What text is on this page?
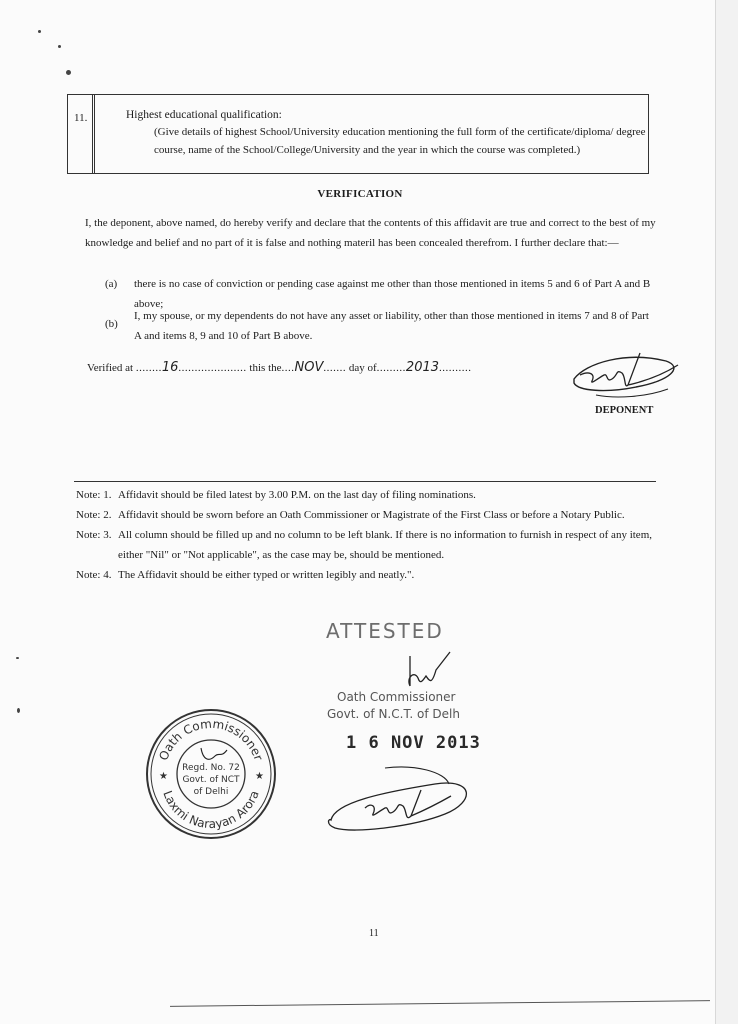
11.	Highest educational qualification:
(Give details of highest School/University education mentioning the full form of the certificate/diploma/ degree course, name of the School/College/University and the year in which the course was completed.)
VERIFICATION
I, the deponent, above named, do hereby verify and declare that the contents of this affidavit are true and correct to the best of my knowledge and belief and no part of it is false and nothing materil has been concealed therefrom. I further declare that:—
(a) there is no case of conviction or pending case against me other than those mentioned in items 5 and 6 of Part A and B above;
(b)
I, my spouse, or my dependents do not have any asset or liability, other than those mentioned in items 7 and 8 of Part A and items 8, 9 and 10 of Part B above.
Verified at ........16..................... this the....NOV....... day of.........2013..........
DEPONENT
Note: 1. Affidavit should be filed latest by 3.00 P.M. on the last day of filing nominations.
Note: 2. Affidavit should be sworn before an Oath Commissioner or Magistrate of the First Class or before a Notary Public.
Note: 3. All column should be filled up and no column to be left blank. If there is no information to furnish in respect of any item, either "Nil" or "Not applicable", as the case may be, should be mentioned.
Note: 4. The Affidavit should be either typed or written legibly and neatly.".
ATTESTED
Oath Commissioner
Govt. of N.C.T. of Delh
1 6 NOV 2013
Oath Commissioner
Laxmi Narayan Arora
★	★
Regd. No. 72
Govt. of NCT
of Delhi
11
